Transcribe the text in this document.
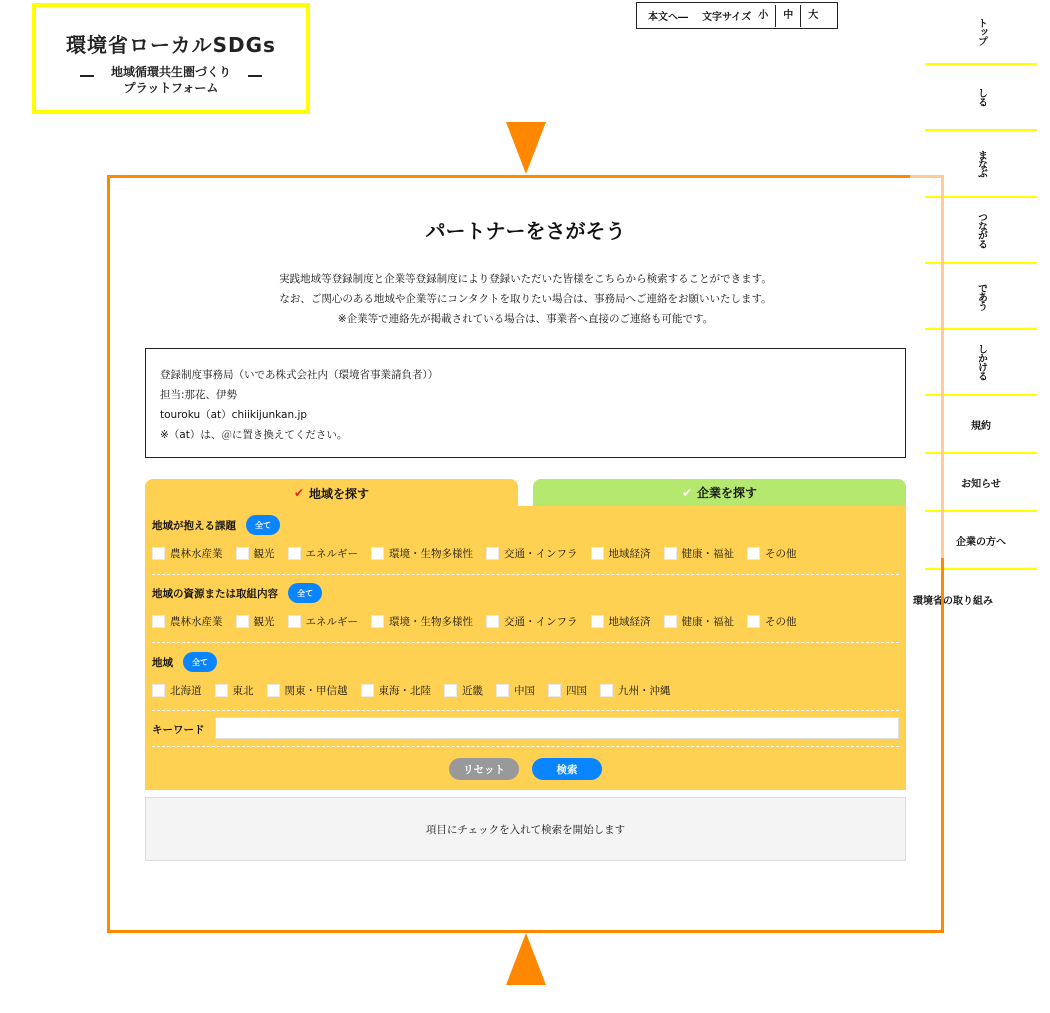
環境省ローカルSDGs
地域循環共生圏づくり
プラットフォーム
本文へ― 文字サイズ 小	中	大
トップ
しる
まなぶ
つながる
であう
しかける
規約
お知らせ
企業の方へ
環境省の取り組み
パートナーをさがそう
実践地域等登録制度と企業等登録制度により登録いただいた皆様をこちらから検索することができます。
なお、ご関心のある地域や企業等にコンタクトを取りたい場合は、事務局へご連絡をお願いいたします。
※企業等で連絡先が掲載されている場合は、事業者へ直接のご連絡も可能です。
登録制度事務局（いであ株式会社内（環境省事業請負者））
担当:那花、伊勢
touroku（at）chiikijunkan.jp
※（at）は、＠に置き換えてください。
✔ 地域を探す	✔ 企業を探す
地域が抱える課題	全て
農林水産業	観光	エネルギー	環境・生物多様性	交通・インフラ	地域経済	健康・福祉	その他
地域の資源または取組内容	全て
農林水産業	観光	エネルギー	環境・生物多様性	交通・インフラ	地域経済	健康・福祉	その他
地域	全て
北海道	東北	関東・甲信越	東海・北陸	近畿	中国	四国	九州・沖縄
キーワード
リセット	検索
項目にチェックを入れて検索を開始します
